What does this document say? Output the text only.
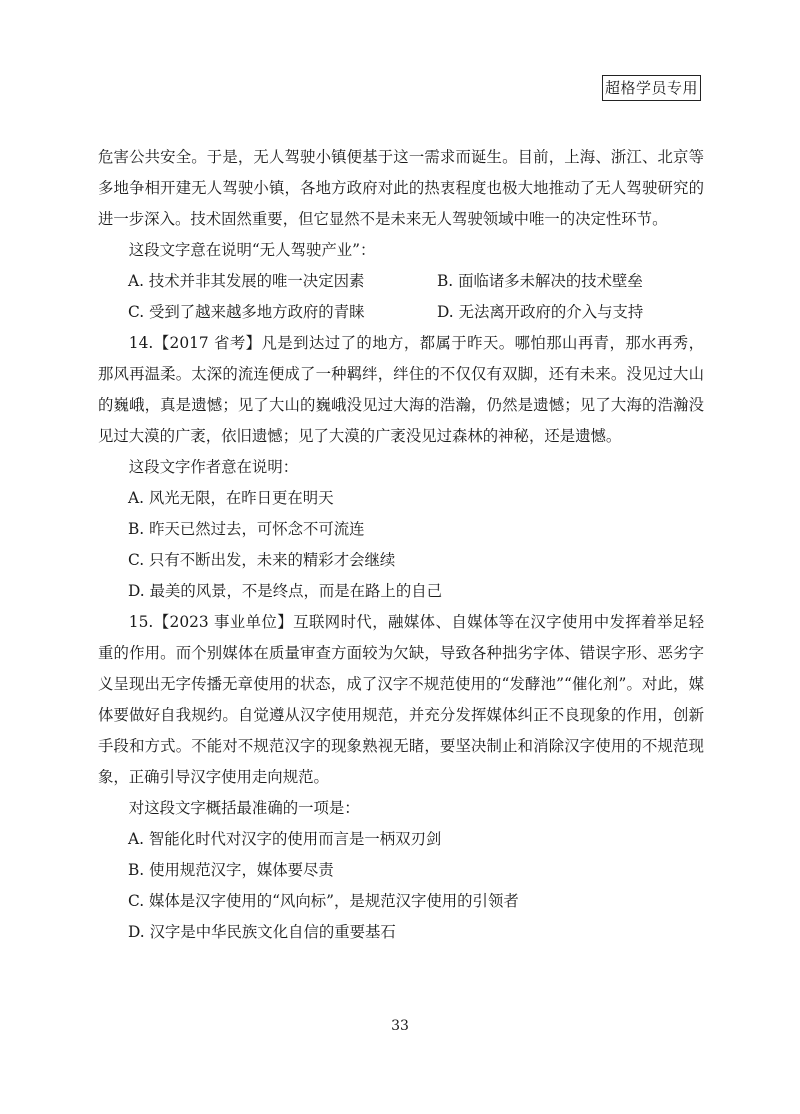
超格学员专用

危害公共安全。于是，无人驾驶小镇便基于这一需求而诞生。目前，上海、浙江、北京等多地争相开建无人驾驶小镇，各地方政府对此的热衷程度也极大地推动了无人驾驶研究的进一步深入。技术固然重要，但它显然不是未来无人驾驶领域中唯一的决定性环节。

这段文字意在说明“无人驾驶产业”：

A. 技术并非其发展的唯一决定因素	B. 面临诸多未解决的技术壁垒
C. 受到了越来越多地方政府的青睐	D. 无法离开政府的介入与支持

14.【2017 省考】凡是到达过了的地方，都属于昨天。哪怕那山再青，那水再秀，那风再温柔。太深的流连便成了一种羁绊，绊住的不仅仅有双脚，还有未来。没见过大山的巍峨，真是遗憾；见了大山的巍峨没见过大海的浩瀚，仍然是遗憾；见了大海的浩瀚没见过大漠的广袤，依旧遗憾；见了大漠的广袤没见过森林的神秘，还是遗憾。

这段文字作者意在说明：

A. 风光无限，在昨日更在明天

B. 昨天已然过去，可怀念不可流连

C. 只有不断出发，未来的精彩才会继续

D. 最美的风景，不是终点，而是在路上的自己

15.【2023 事业单位】互联网时代，融媒体、自媒体等在汉字使用中发挥着举足轻重的作用。而个别媒体在质量审查方面较为欠缺，导致各种拙劣字体、错误字形、恶劣字义呈现出无字传播无章使用的状态，成了汉字不规范使用的“发酵池”“催化剂”。对此，媒体要做好自我规约。自觉遵从汉字使用规范，并充分发挥媒体纠正不良现象的作用，创新手段和方式。不能对不规范汉字的现象熟视无睹，要坚决制止和消除汉字使用的不规范现象，正确引导汉字使用走向规范。

对这段文字概括最准确的一项是：

A. 智能化时代对汉字的使用而言是一柄双刃剑

B. 使用规范汉字，媒体要尽责

C. 媒体是汉字使用的“风向标”，是规范汉字使用的引领者

D. 汉字是中华民族文化自信的重要基石

33
